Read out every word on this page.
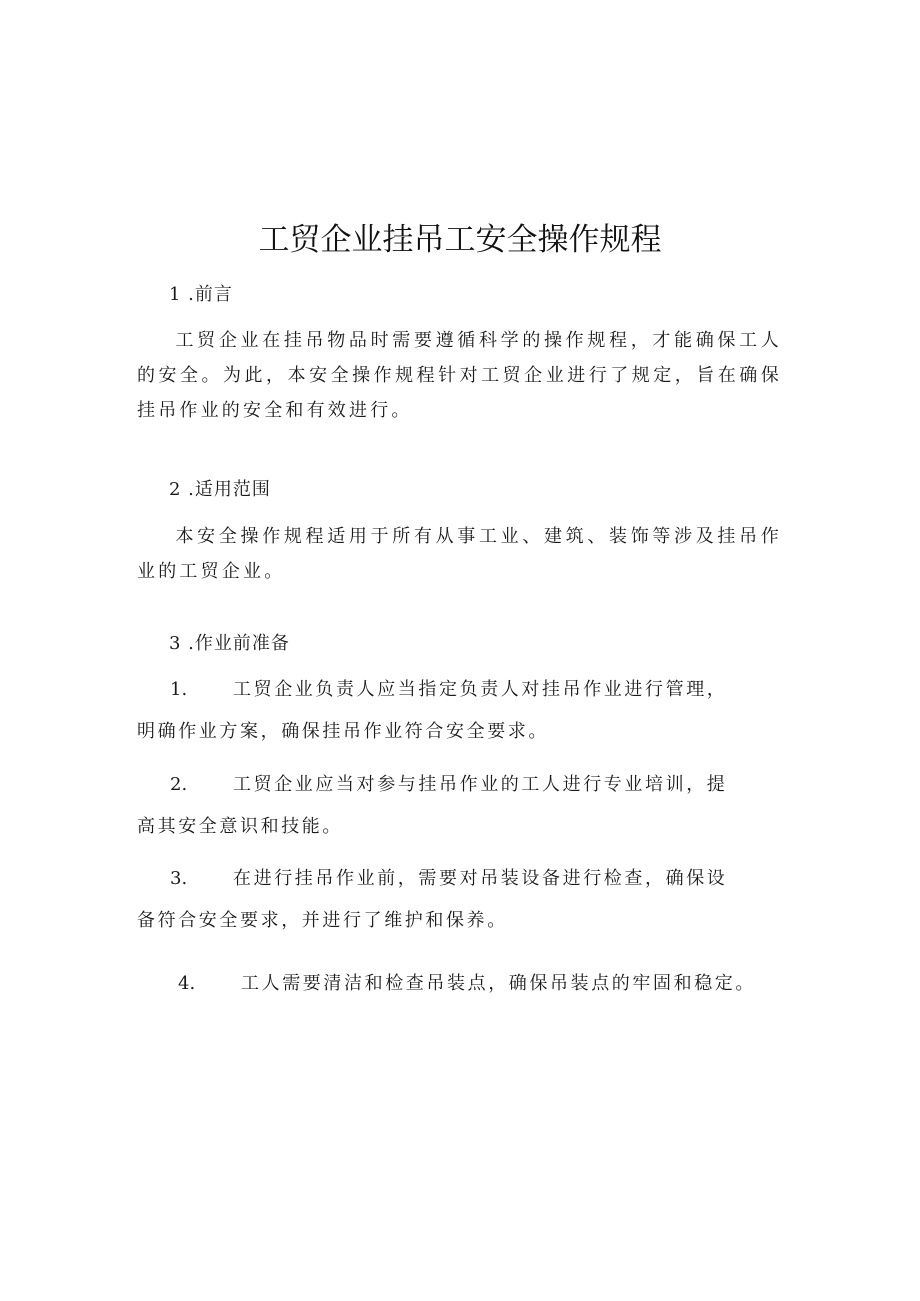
工贸企业挂吊工安全操作规程
1 .前言

工贸企业在挂吊物品时需要遵循科学的操作规程，才能确保工人的安全。为此，本安全操作规程针对工贸企业进行了规定，旨在确保挂吊作业的安全和有效进行。

2 .适用范围

本安全操作规程适用于所有从事工业、建筑、装饰等涉及挂吊作业的工贸企业。

3 .作业前准备

1.	工贸企业负责人应当指定负责人对挂吊作业进行管理，明确作业方案，确保挂吊作业符合安全要求。

2.	工贸企业应当对参与挂吊作业的工人进行专业培训，提高其安全意识和技能。

3.	在进行挂吊作业前，需要对吊装设备进行检查，确保设备符合安全要求，并进行了维护和保养。

4.	工人需要清洁和检查吊装点，确保吊装点的牢固和稳定。
